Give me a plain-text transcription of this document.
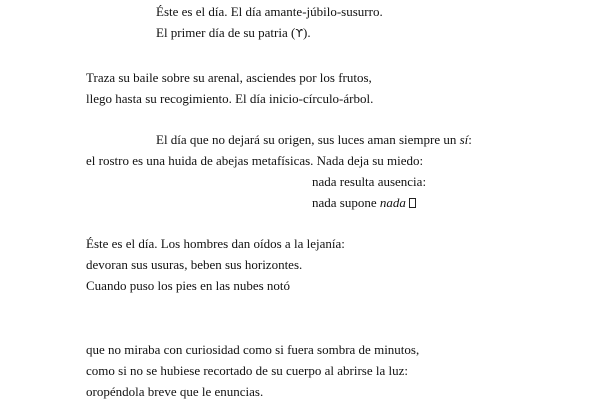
Éste es el día. El día amante-júbilo-susurro.
El primer día de su patria (ϒ).
Traza su baile sobre su arenal, asciendes por los frutos,
llego hasta su recogimiento. El día inicio-círculo-árbol.
El día que no dejará su origen, sus luces aman siempre un sí:
el rostro es una huida de abejas metafísicas. Nada deja su miedo:
nada resulta ausencia:
nada supone nada
Éste es el día. Los hombres dan oídos a la lejanía:
devoran sus usuras, beben sus horizontes.
Cuando puso los pies en las nubes notó
que no miraba con curiosidad como si fuera sombra de minutos,
como si no se hubiese recortado de su cuerpo al abrirse la luz:
oropéndola breve que le enuncias.
